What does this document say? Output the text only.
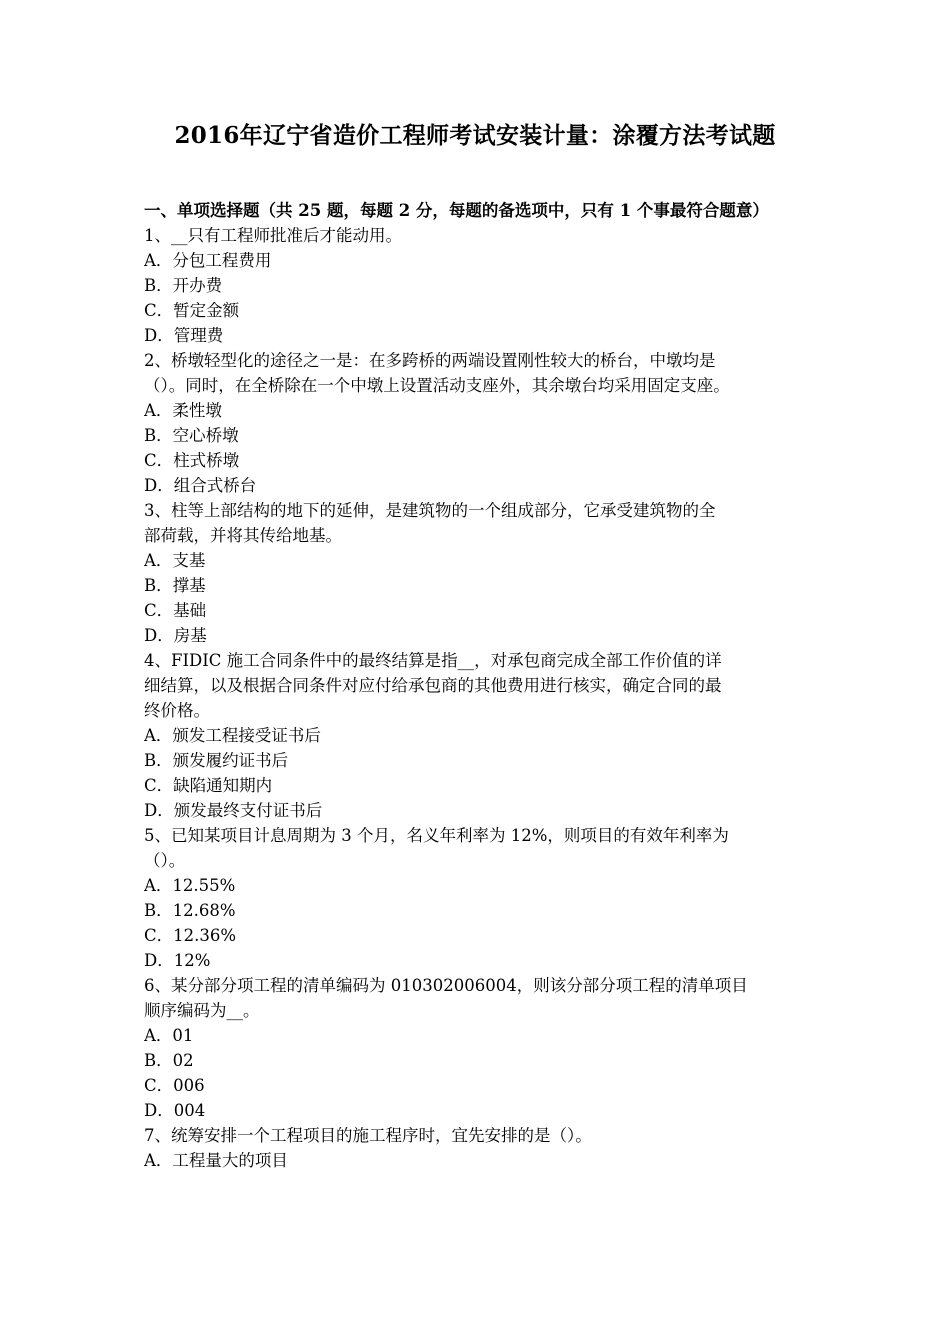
2016年辽宁省造价工程师考试安装计量：涂覆方法考试题

一、单项选择题（共 25 题，每题 2 分，每题的备选项中，只有 1 个事最符合题意）

1、__只有工程师批准后才能动用。

A．分包工程费用

B．开办费

C．暂定金额

D．管理费

2、桥墩轻型化的途径之一是：在多跨桥的两端设置刚性较大的桥台，中墩均是

（）。同时，在全桥除在一个中墩上设置活动支座外，其余墩台均采用固定支座。

A．柔性墩

B．空心桥墩

C．柱式桥墩

D．组合式桥台

3、柱等上部结构的地下的延伸，是建筑物的一个组成部分，它承受建筑物的全

部荷载，并将其传给地基。

A．支基

B．撑基

C．基础

D．房基

4、FIDIC 施工合同条件中的最终结算是指__，对承包商完成全部工作价值的详

细结算，以及根据合同条件对应付给承包商的其他费用进行核实，确定合同的最

终价格。

A．颁发工程接受证书后

B．颁发履约证书后

C．缺陷通知期内

D．颁发最终支付证书后

5、已知某项目计息周期为 3 个月，名义年利率为 12%，则项目的有效年利率为

（）。

A．12.55%

B．12.68%

C．12.36%

D．12%

6、某分部分项工程的清单编码为 010302006004，则该分部分项工程的清单项目

顺序编码为__。

A．01

B．02

C．006

D．004

7、统筹安排一个工程项目的施工程序时，宜先安排的是（）。

A．工程量大的项目
